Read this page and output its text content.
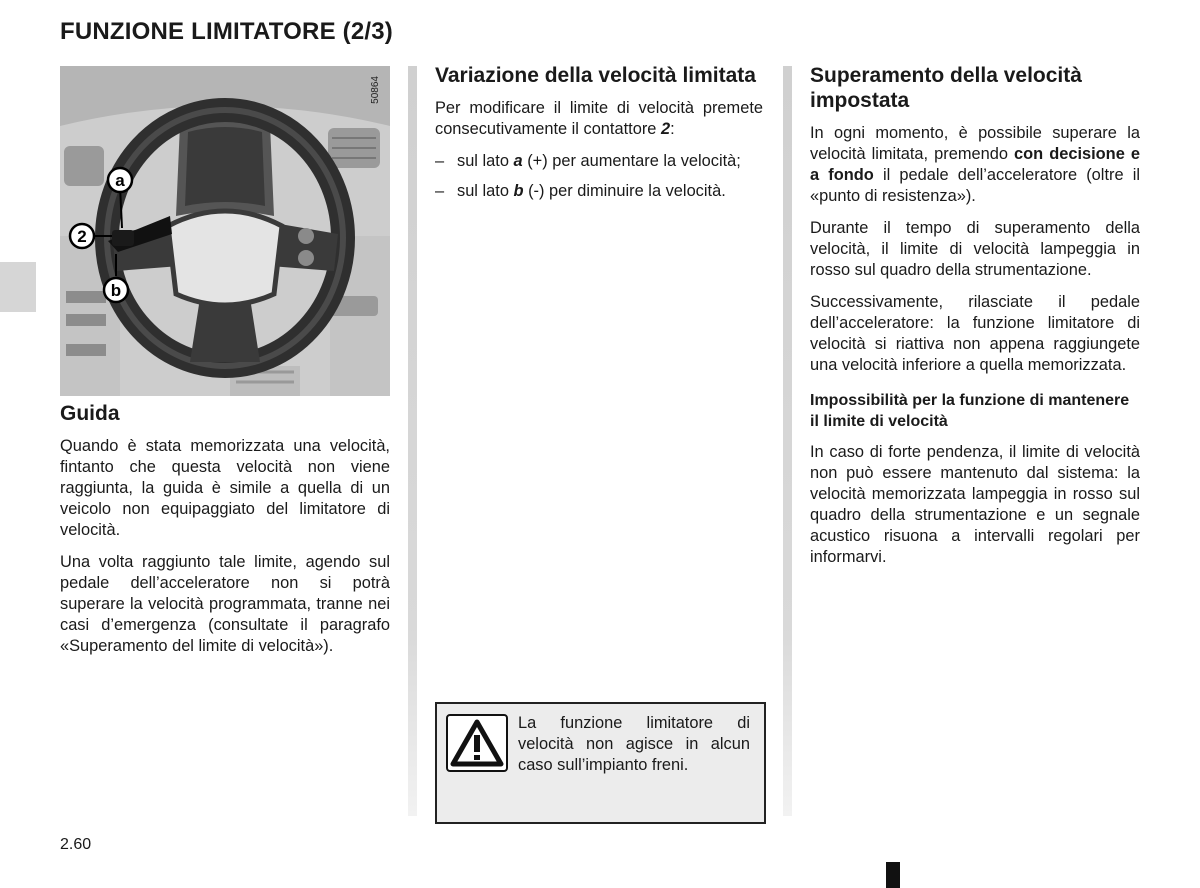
FUNZIONE LIMITATORE (2/3)
50864
a
2
b
Guida

Quando è stata memorizzata una velocità, fintanto che questa velocità non viene raggiunta, la guida è simile a quella di un veicolo non equipaggiato del limitatore di velocità.

Una volta raggiunto tale limite, agendo sul pedale dell’acceleratore non si potrà superare la velocità programmata, tranne nei casi d’emergenza (consultate il paragrafo «Superamento del limite di velocità»).

Variazione della velocità limitata

Per modificare il limite di velocità premete consecutivamente il contattore 2:

– sul lato a (+) per aumentare la velocità;
– sul lato b (-) per diminuire la velocità.
La funzione limitatore di velocità non agisce in alcun caso sull’impianto freni.
Superamento della velocità impostata

In ogni momento, è possibile superare la velocità limitata, premendo con decisione e a fondo il pedale dell’acceleratore (oltre il «punto di resistenza»).

Durante il tempo di superamento della velocità, il limite di velocità lampeggia in rosso sul quadro della strumentazione.

Successivamente, rilasciate il pedale dell’acceleratore: la funzione limitatore di velocità si riattiva non appena raggiungete una velocità inferiore a quella memorizzata.

Impossibilità per la funzione di mantenere il limite di velocità

In caso di forte pendenza, il limite di velocità non può essere mantenuto dal sistema: la velocità memorizzata lampeggia in rosso sul quadro della strumentazione e un segnale acustico risuona a intervalli regolari per informarvi.

2.60
